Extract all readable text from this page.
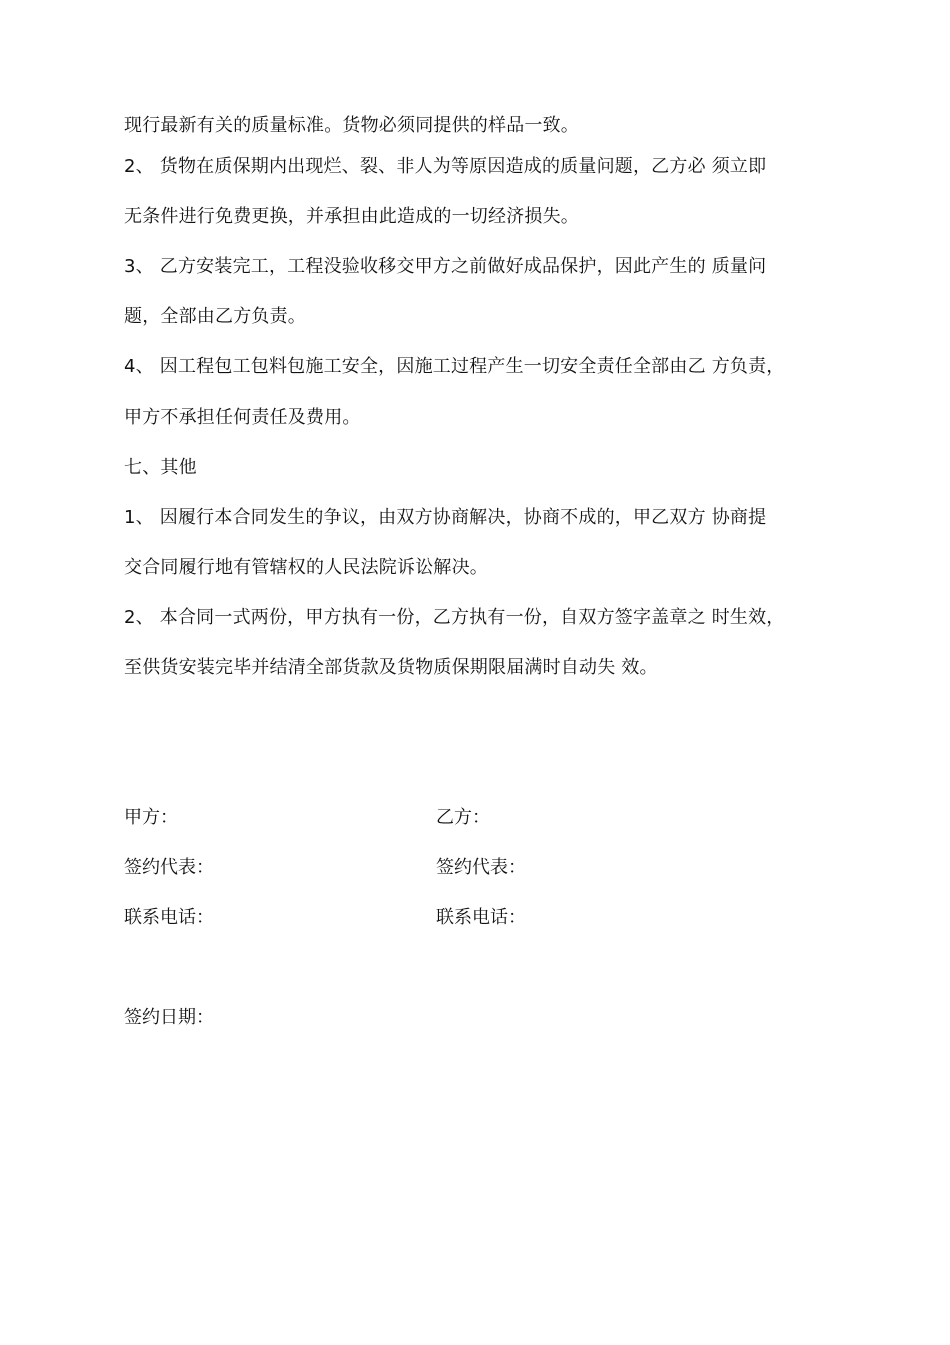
现行最新有关的质量标准。货物必须同提供的样品一致。
2、 货物在质保期内出现烂、裂、非人为等原因造成的质量问题，乙方必 须立即
无条件进行免费更换，并承担由此造成的一切经济损失。
3、 乙方安装完工，工程没验收移交甲方之前做好成品保护，因此产生的 质量问
题，全部由乙方负责。
4、 因工程包工包料包施工安全，因施工过程产生一切安全责任全部由乙 方负责，
甲方不承担任何责任及费用。
七、其他
1、 因履行本合同发生的争议，由双方协商解决，协商不成的，甲乙双方 协商提
交合同履行地有管辖权的人民法院诉讼解决。
2、 本合同一式两份，甲方执有一份，乙方执有一份，自双方签字盖章之 时生效，
至供货安装完毕并结清全部货款及货物质保期限届满时自动失 效。
甲方：	乙方：
签约代表：	签约代表：
联系电话：	联系电话：
签约日期：
